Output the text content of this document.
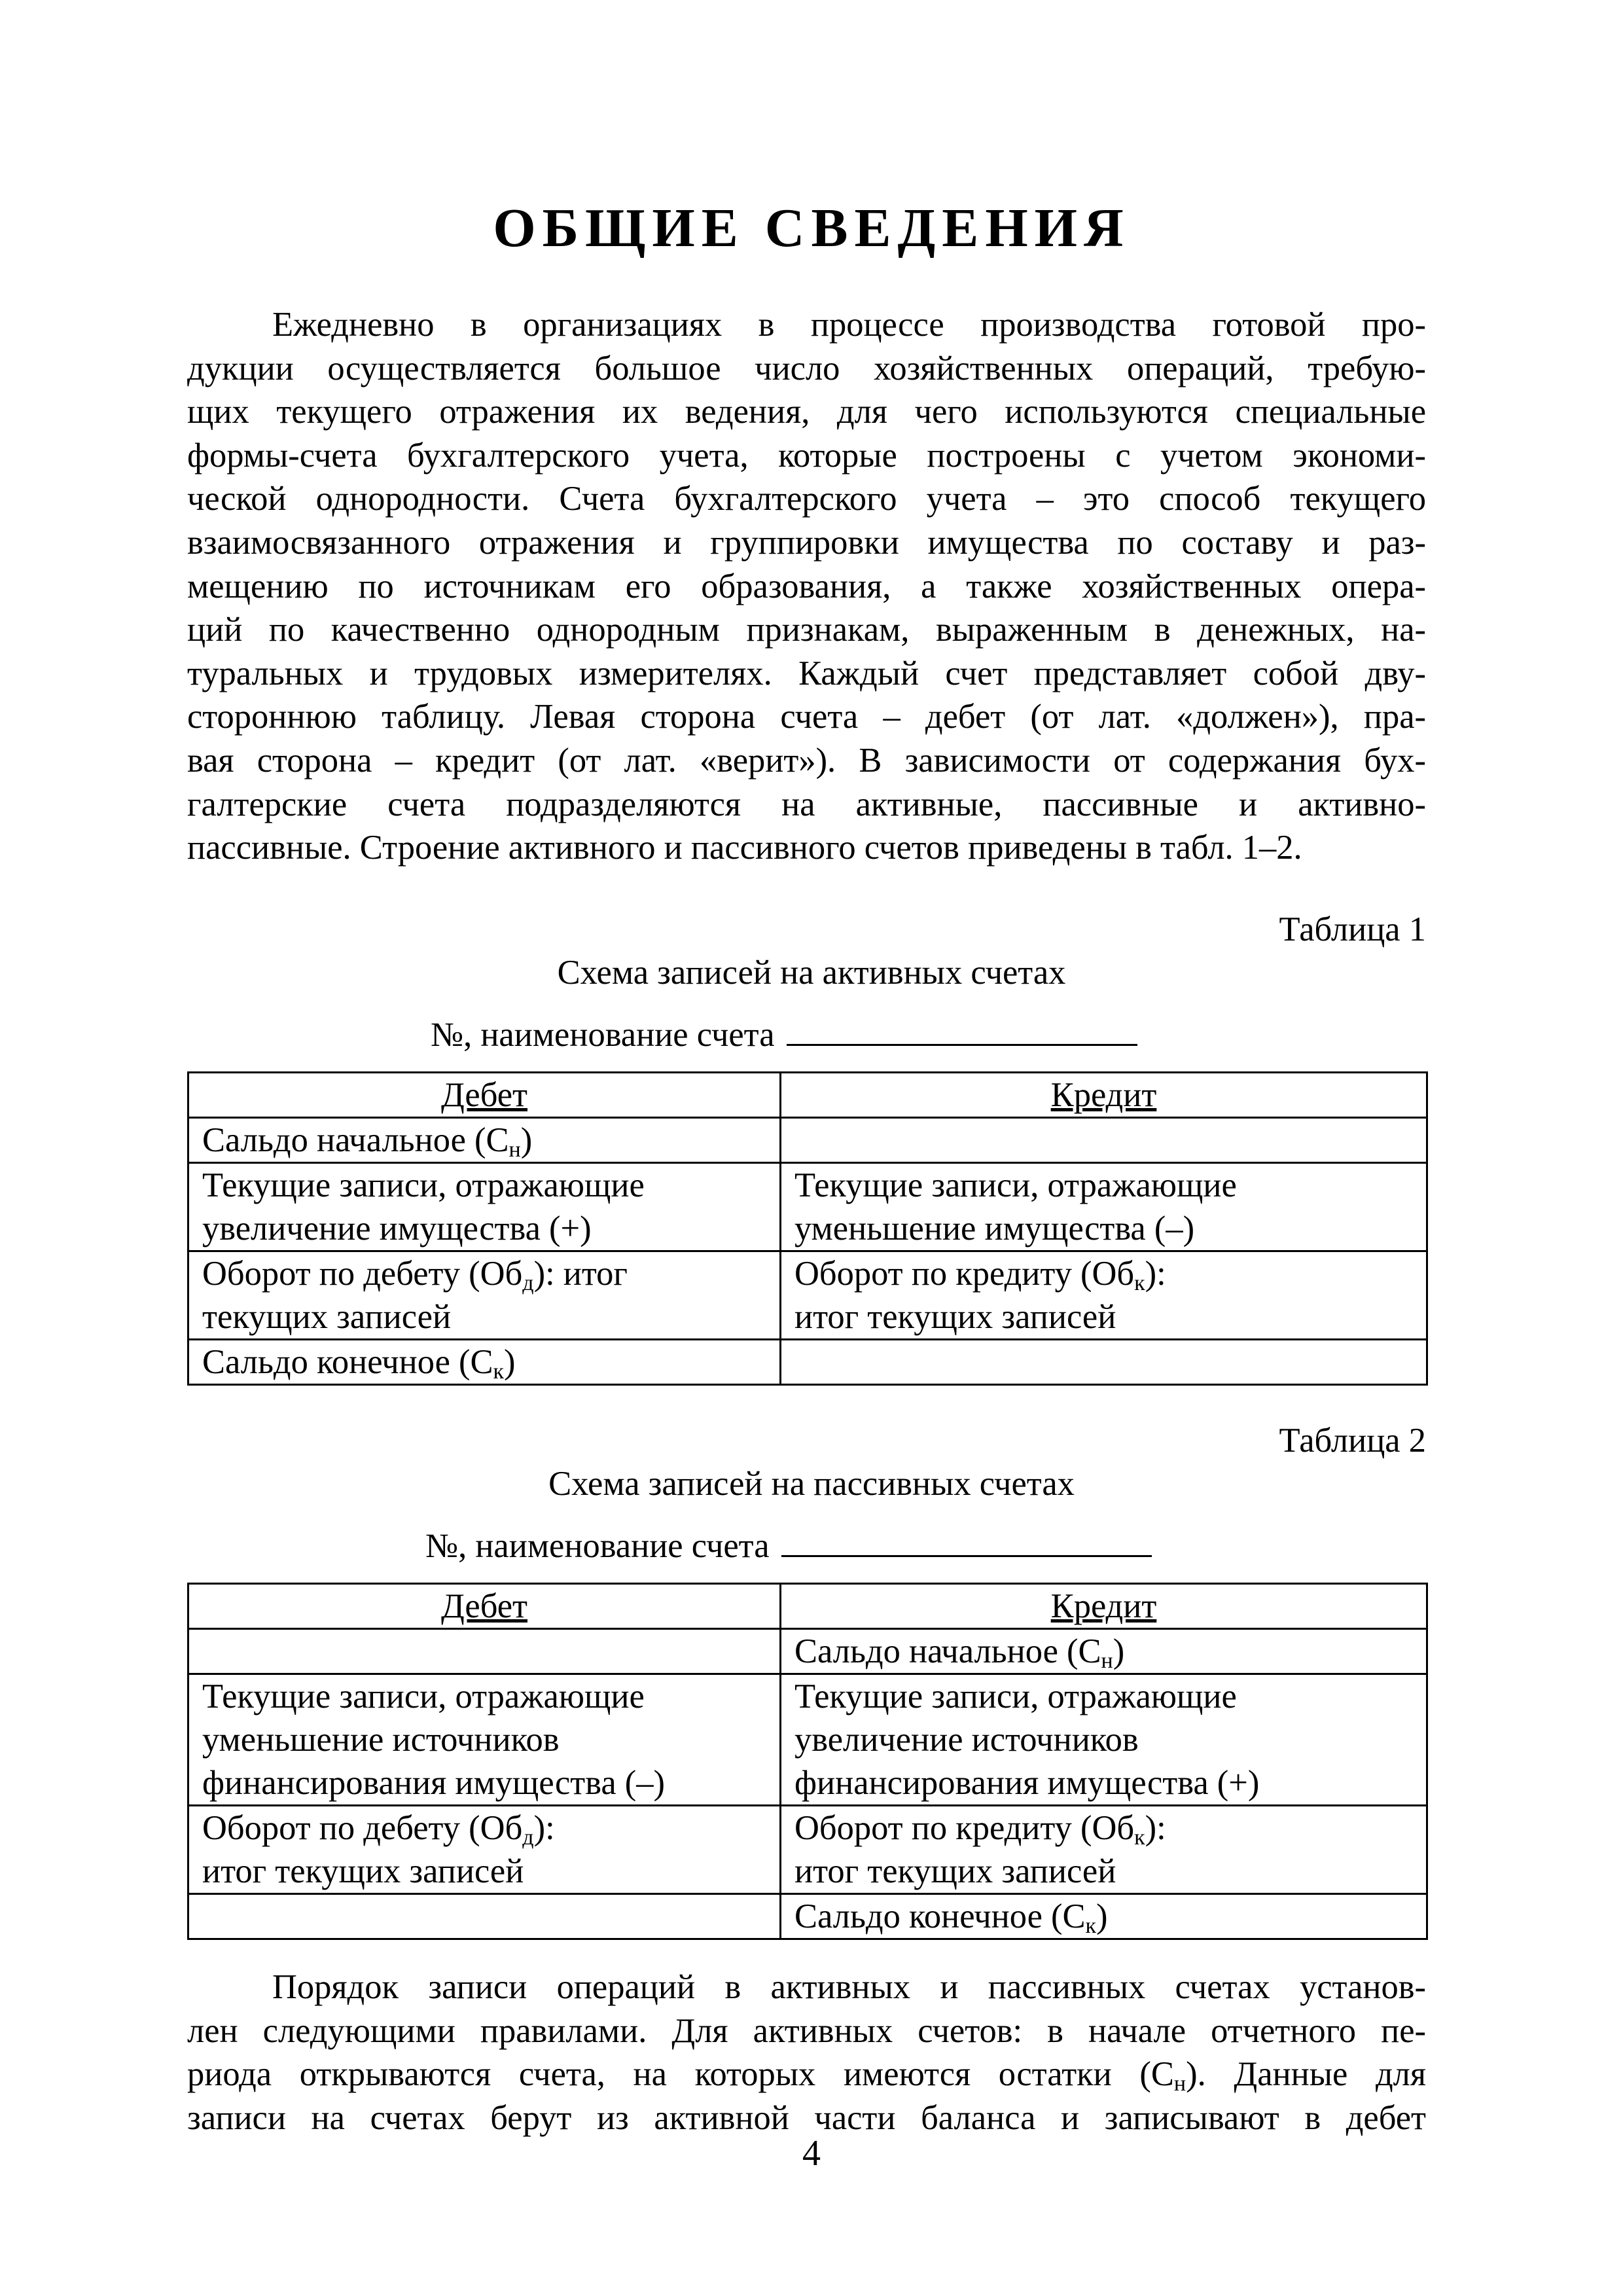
ОБЩИЕ СВЕДЕНИЯ
Ежедневно в организациях в процессе производства готовой про-
дукции осуществляется большое число хозяйственных операций, требую-
щих текущего отражения их ведения, для чего используются специальные
формы-счета бухгалтерского учета, которые построены с учетом экономи-
ческой однородности. Счета бухгалтерского учета – это способ текущего
взаимосвязанного отражения и группировки имущества по составу и раз-
мещению по источникам его образования, а также хозяйственных опера-
ций по качественно однородным признакам, выраженным в денежных, на-
туральных и трудовых измерителях. Каждый счет представляет собой дву-
стороннюю таблицу. Левая сторона счета – дебет (от лат. «должен»), пра-
вая сторона – кредит (от лат. «верит»). В зависимости от содержания бух-
галтерские счета подразделяются на активные, пассивные и активно-
пассивные. Строение активного и пассивного счетов приведены в табл. 1–2.
Таблица 1
Схема записей на активных счетах
№, наименование счета
Дебет	Кредит

Сальдо начальное $(С_н)$	

Текущие записи, отражающие
увеличение имущества (+)	Текущие записи, отражающие
уменьшение имущества (–)

Оборот по дебету $(Об_д)$: итог
текущих записей	Оборот по кредиту $(Об_к)$:
итог текущих записей

Сальдо конечное $(С_к)$	

Таблица 2
Схема записей на пассивных счетах
№, наименование счета
Дебет	Кредит

	Сальдо начальное $(С_н)$

Текущие записи, отражающие
уменьшение источников
финансирования имущества (–)	Текущие записи, отражающие
увеличение источников
финансирования имущества (+)

Оборот по дебету $(Об_д)$:
итог текущих записей	Оборот по кредиту $(Об_к)$:
итог текущих записей

	Сальдо конечное $(С_к)$
Порядок записи операций в активных и пассивных счетах установ-
лен следующими правилами. Для активных счетов: в начале отчетного пе-
риода открываются счета, на которых имеются остатки $(С_н)$. Данные для
записи на счетах берут из активной части баланса и записывают в дебет
4
